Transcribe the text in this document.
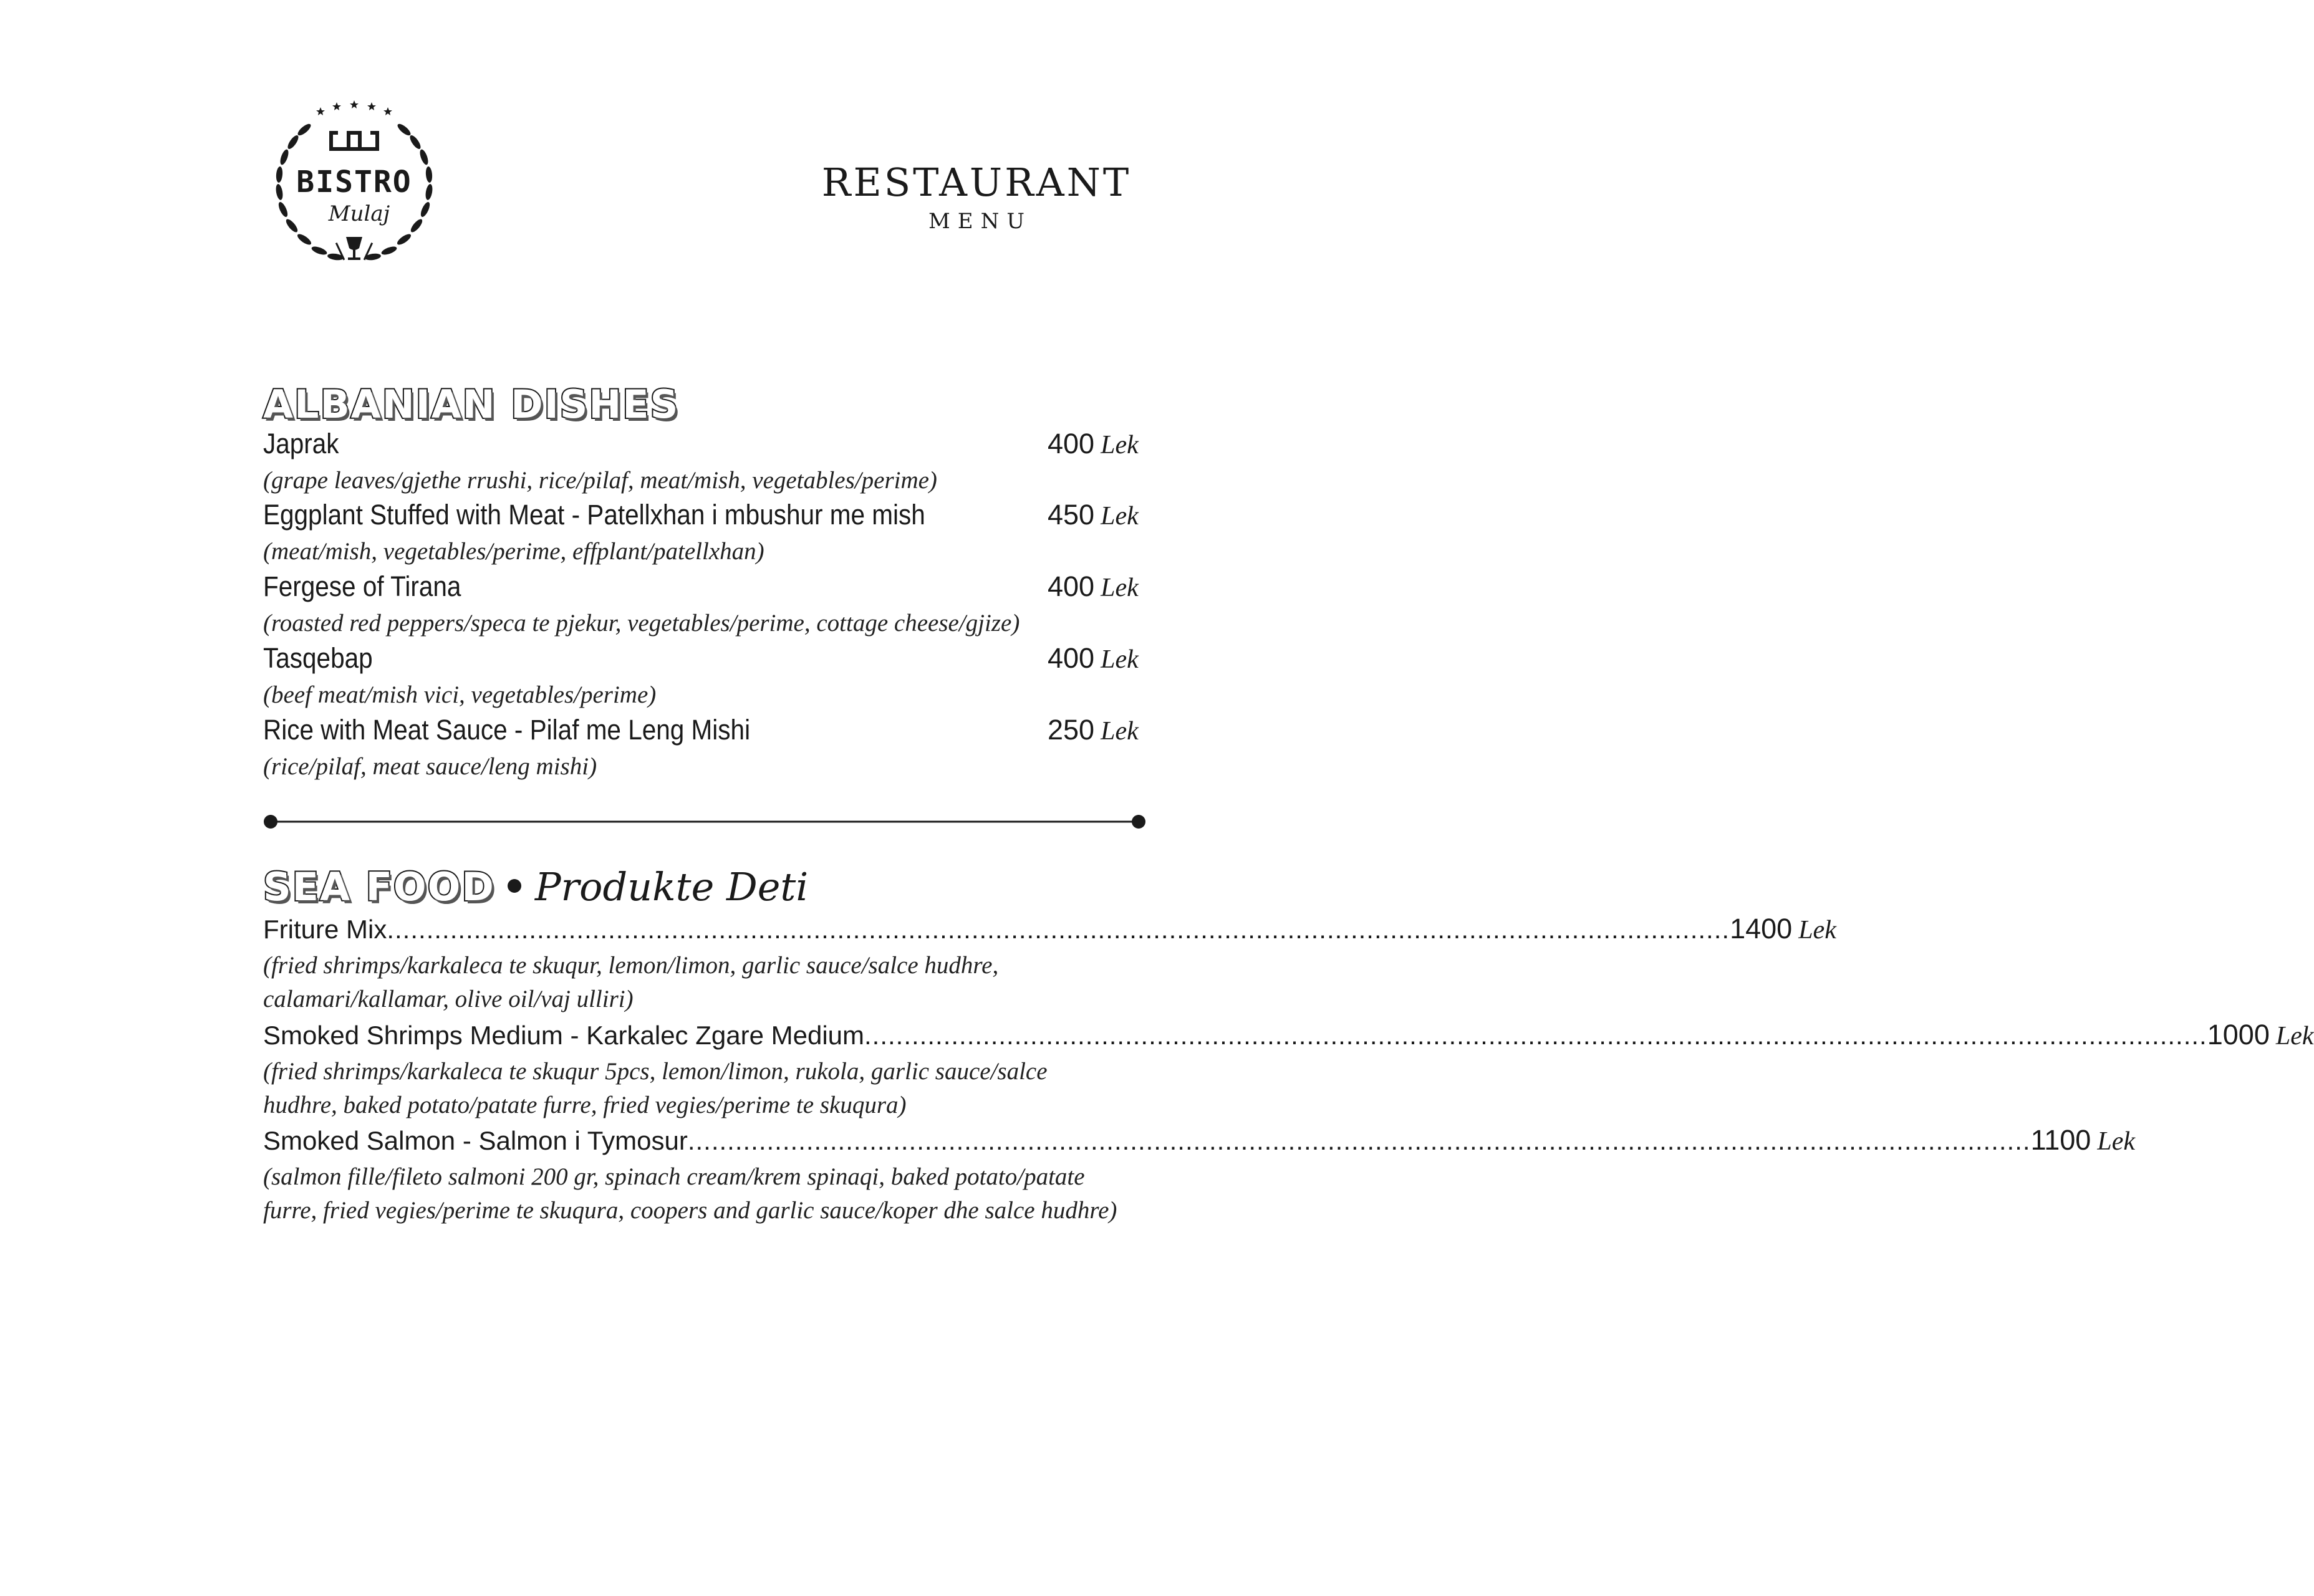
BISTRO
Mulaj
RESTAURANT
MENU
ALBANIAN DISHES
Japrak	400 Lek
(grape leaves/gjethe rrushi, rice/pilaf, meat/mish, vegetables/perime)
Eggplant Stuffed with Meat - Patellxhan i mbushur me mish	450 Lek
(meat/mish, vegetables/perime, effplant/patellxhan)
Fergese of Tirana	400 Lek
(roasted red peppers/speca te pjekur, vegetables/perime, cottage cheese/gjize)
Tasqebap	400 Lek
(beef meat/mish vici, vegetables/perime)
Rice with Meat Sauce - Pilaf me Leng Mishi	250 Lek
(rice/pilaf, meat sauce/leng mishi)
SEA FOOD Produkte Deti
Friture Mix .......................................................................................................................................................................... 1400 Lek
(fried shrimps/karkaleca te skuqur, lemon/limon, garlic sauce/salce hudhre,
calamari/kallamar, olive oil/vaj ulliri)
Smoked Shrimps Medium - Karkalec Zgare Medium .......................................................................................................................................................................... 1000 Lek
(fried shrimps/karkaleca te skuqur 5pcs, lemon/limon, rukola, garlic sauce/salce
hudhre, baked potato/patate furre, fried vegies/perime te skuqura)
Smoked Salmon - Salmon i Tymosur .......................................................................................................................................................................... 1100 Lek
(salmon fille/fileto salmoni 200 gr, spinach cream/krem spinaqi, baked potato/patate
furre, fried vegies/perime te skuqura, coopers and garlic sauce/koper dhe salce hudhre)
